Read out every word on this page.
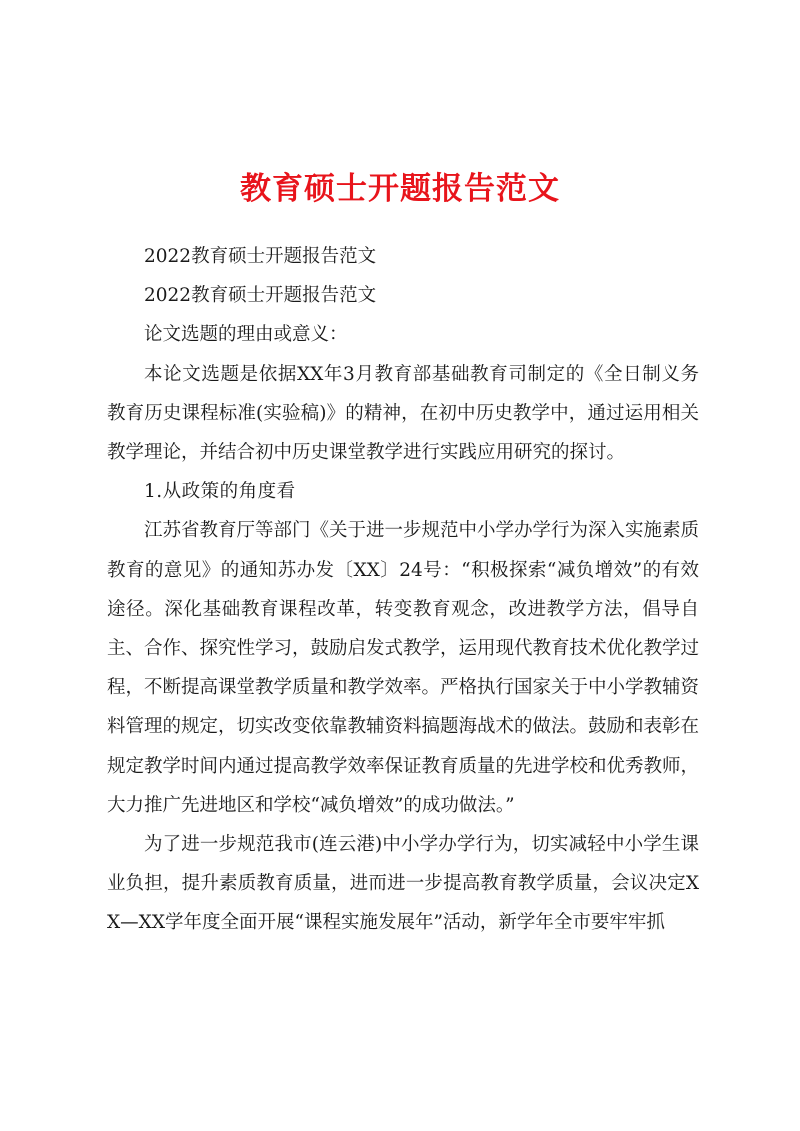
教育硕士开题报告范文

2022教育硕士开题报告范文

2022教育硕士开题报告范文

论文选题的理由或意义：

本论文选题是依据XX年3月教育部基础教育司制定的《全日制义务教育历史课程标准(实验稿)》的精神，在初中历史教学中，通过运用相关教学理论，并结合初中历史课堂教学进行实践应用研究的探讨。

1.从政策的角度看

江苏省教育厅等部门《关于进一步规范中小学办学行为深入实施素质教育的意见》的通知苏办发〔XX〕24号：“积极探索“减负增效”的有效途径。深化基础教育课程改革，转变教育观念，改进教学方法，倡导自主、合作、探究性学习，鼓励启发式教学，运用现代教育技术优化教学过程，不断提高课堂教学质量和教学效率。严格执行国家关于中小学教辅资料管理的规定，切实改变依靠教辅资料搞题海战术的做法。鼓励和表彰在规定教学时间内通过提高教学效率保证教育质量的先进学校和优秀教师，大力推广先进地区和学校“减负增效”的成功做法。”

为了进一步规范我市(连云港)中小学办学行为，切实减轻中小学生课业负担，提升素质教育质量，进而进一步提高教育教学质量，会议决定XX—XX学年度全面开展“课程实施发展年”活动，新学年全市要牢牢抓
